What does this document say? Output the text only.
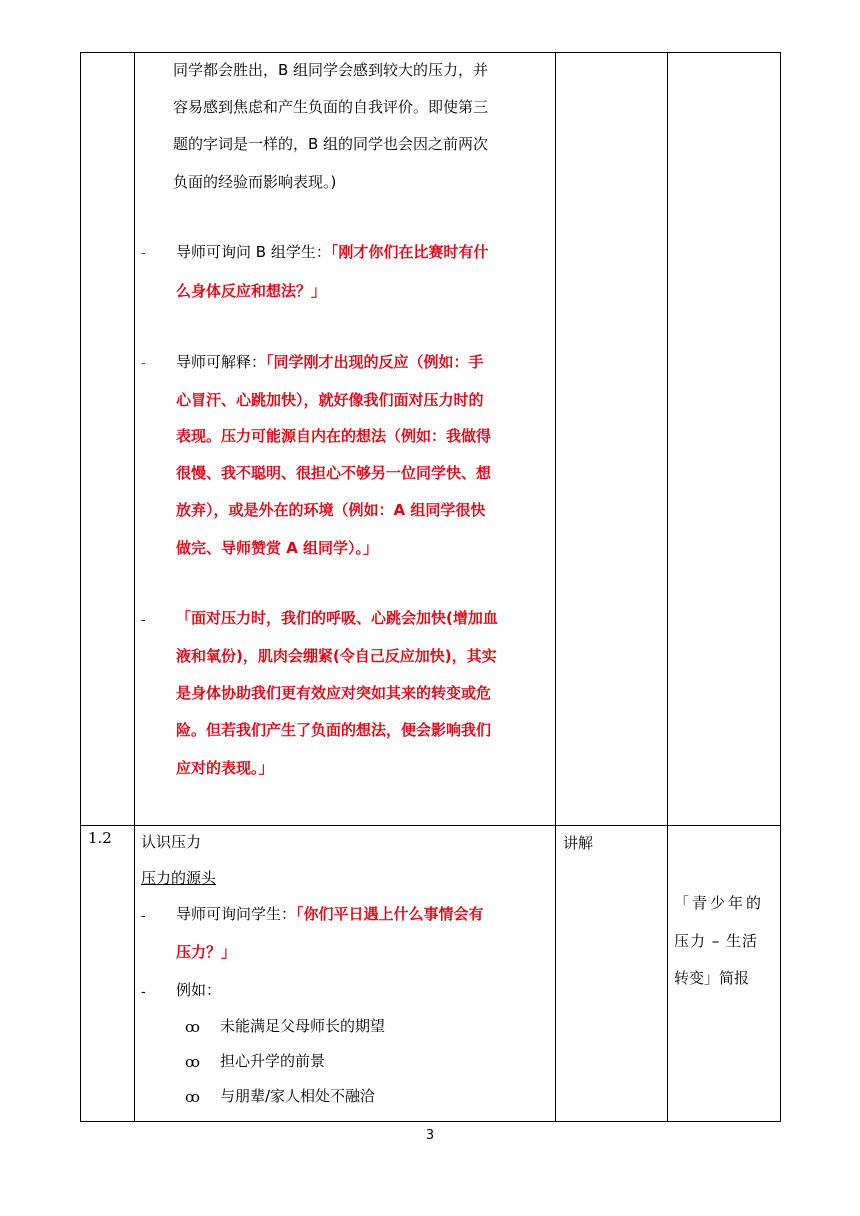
同学都会胜出，B 组同学会感到较大的压力，并
容易感到焦虑和产生负面的自我评价。即使第三
题的字词是一样的，B 组的同学也会因之前两次
负面的经验而影响表现。)
- 导师可询问 B 组学生：「刚才你们在比赛时有什
么身体反应和想法？」
- 导师可解释：「同学刚才出现的反应（例如：手
心冒汗、心跳加快），就好像我们面对压力时的
表现。压力可能源自内在的想法（例如：我做得
很慢、我不聪明、很担心不够另一位同学快、想
放弃），或是外在的环境（例如：A 组同学很快
做完、导师赞赏 A 组同学）。」
- 「面对压力时，我们的呼吸、心跳会加快(增加血
液和氧份)，肌肉会绷紧(令自己反应加快)，其实
是身体协助我们更有效应对突如其来的转变或危
险。但若我们产生了负面的想法，便会影响我们
应对的表现。」
1.2 认识压力
压力的源头
- 导师可询问学生：「你们平日遇上什么事情会有
压力？」
- 例如：
ꝏ 未能满足父母师长的期望
ꝏ 担心升学的前景
ꝏ 与朋辈/家人相处不融洽
讲解
「青少年的
压力 – 生活
转变」简报
3
